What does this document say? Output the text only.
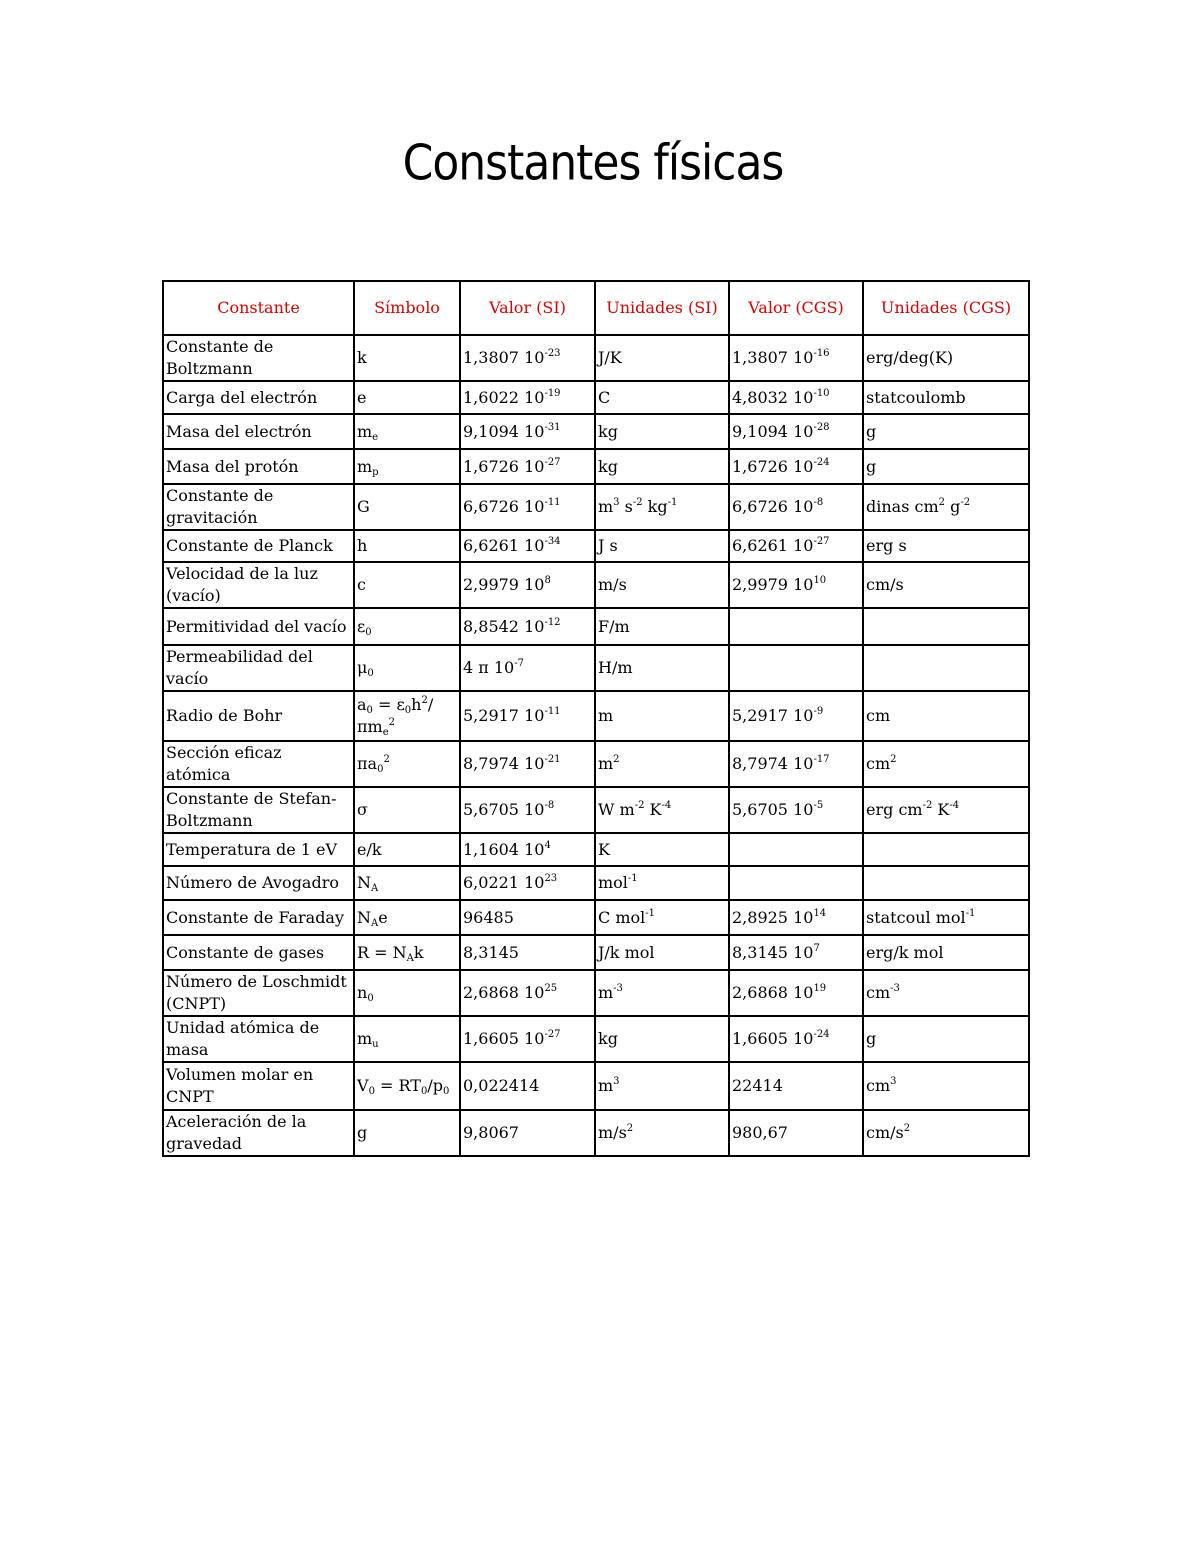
Constantes físicas
Constante	Símbolo	Valor (SI)	Unidades (SI)	Valor (CGS)	Unidades (CGS)
Constante de Boltzmann	k	1,3807 $10^{-23}$	J/K	1,3807 $10^{-16}$	erg/deg(K)
Carga del electrón	e	1,6022 $10^{-19}$	C	4,8032 $10^{-10}$	statcoulomb
Masa del electrón	$m_e$	9,1094 $10^{-31}$	kg	9,1094 $10^{-28}$	g
Masa del protón	$m_p$	1,6726 $10^{-27}$	kg	1,6726 $10^{-24}$	g
Constante de gravitación	G	6,6726 $10^{-11}$	$m^3$ $s^{-2}$ $kg^{-1}$	6,6726 $10^{-8}$	dinas $cm^2$ $g^{-2}$
Constante de Planck	h	6,6261 $10^{-34}$	J s	6,6261 $10^{-27}$	erg s
Velocidad de la luz (vacío)	c	2,9979 $10^8$	m/s	2,9979 $10^{10}$	cm/s
Permitividad del vacío	$\varepsilon_0$	8,8542 $10^{-12}$	F/m		
Permeabilidad del vacío	$\mu_0$	4 π $10^{-7}$	H/m		
Radio de Bohr	$a_0 = \varepsilon_0h^2/$ $\pi m_e^2$	5,2917 $10^{-11}$	m	5,2917 $10^{-9}$	cm
Sección eficaz atómica	$\pi a_0^2$	8,7974 $10^{-21}$	$m^2$	8,7974 $10^{-17}$	$cm^2$
Constante de Stefan-Boltzmann	σ	5,6705 $10^{-8}$	W $m^{-2}$ $K^{-4}$	5,6705 $10^{-5}$	erg $cm^{-2}$ $K^{-4}$
Temperatura de 1 eV	e/k	1,1604 $10^4$	K		
Número de Avogadro	$N_A$	6,0221 $10^{23}$	mol$^{-1}$		
Constante de Faraday	$N_Ae$	96485	C mol$^{-1}$	2,8925 $10^{14}$	statcoul mol$^{-1}$
Constante de gases	$R = N_Ak$	8,3145	J/k mol	8,3145 $10^7$	erg/k mol
Número de Loschmidt (CNPT)	$n_0$	2,6868 $10^{25}$	$m^{-3}$	2,6868 $10^{19}$	$cm^{-3}$
Unidad atómica de masa	$m_u$	1,6605 $10^{-27}$	kg	1,6605 $10^{-24}$	g
Volumen molar en CNPT	$V_0 = RT_0/p_0$	0,022414	$m^3$	22414	$cm^3$
Aceleración de la gravedad	g	9,8067	$m/s^2$	980,67	$cm/s^2$
